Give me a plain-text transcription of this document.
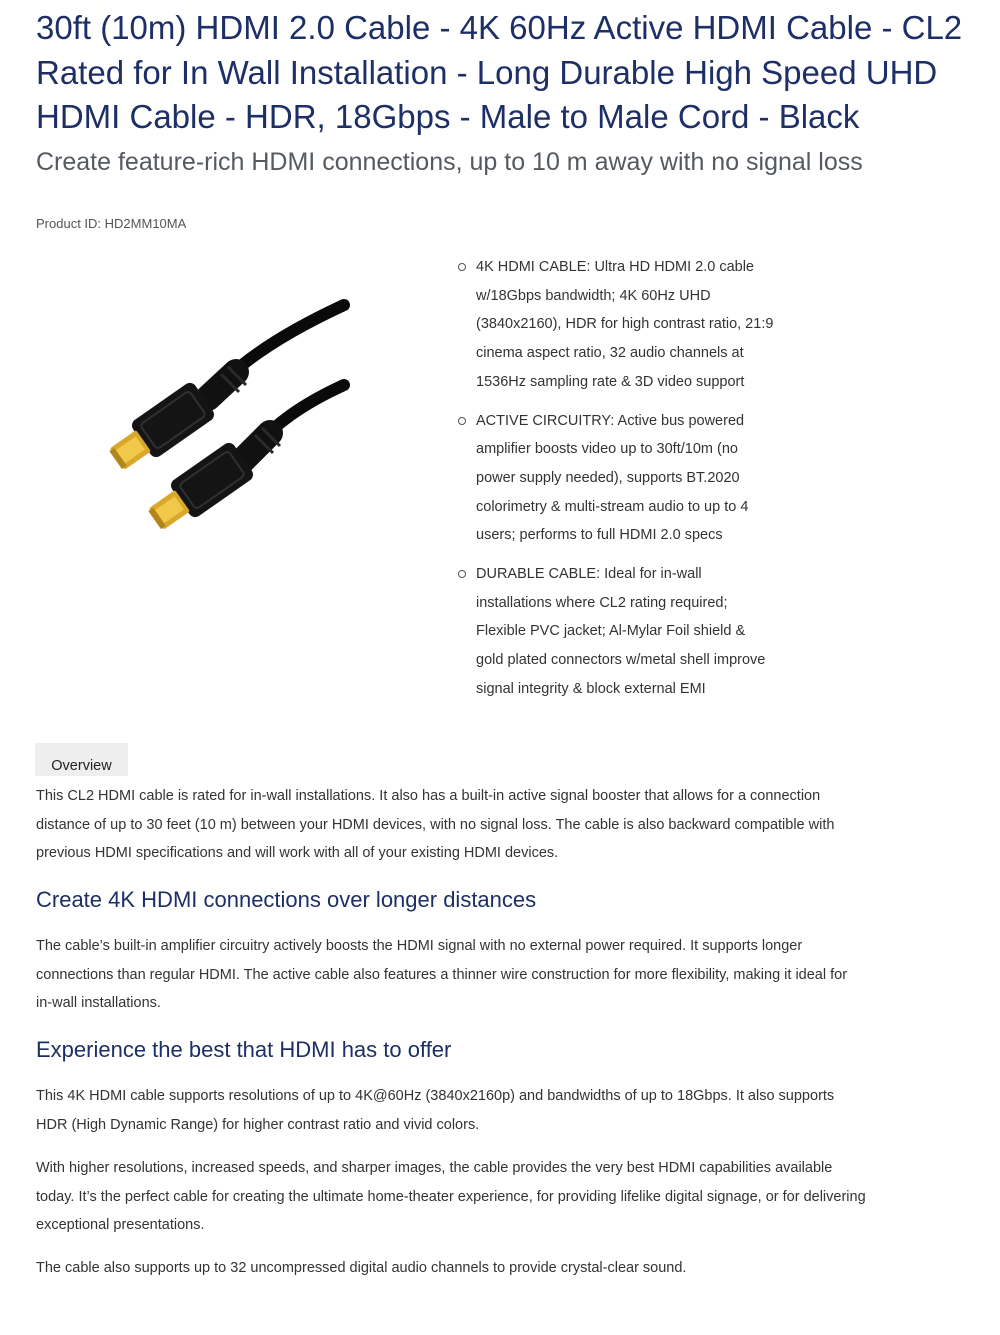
30ft (10m) HDMI 2.0 Cable - 4K 60Hz Active HDMI Cable - CL2 Rated for In Wall Installation - Long Durable High Speed UHD HDMI Cable - HDR, 18Gbps - Male to Male Cord - Black
Create feature-rich HDMI connections, up to 10 m away with no signal loss
Product ID: HD2MM10MA
4K HDMI CABLE: Ultra HD HDMI 2.0 cable w/18Gbps bandwidth; 4K 60Hz UHD (3840x2160), HDR for high contrast ratio, 21:9 cinema aspect ratio, 32 audio channels at 1536Hz sampling rate & 3D video support
ACTIVE CIRCUITRY: Active bus powered amplifier boosts video up to 30ft/10m (no power supply needed), supports BT.2020 colorimetry & multi-stream audio to up to 4 users; performs to full HDMI 2.0 specs
DURABLE CABLE: Ideal for in-wall installations where CL2 rating required; Flexible PVC jacket; Al-Mylar Foil shield & gold plated connectors w/metal shell improve signal integrity & block external EMI
Overview

This CL2 HDMI cable is rated for in-wall installations. It also has a built-in active signal booster that allows for a connection distance of up to 30 feet (10 m) between your HDMI devices, with no signal loss. The cable is also backward compatible with previous HDMI specifications and will work with all of your existing HDMI devices.

Create 4K HDMI connections over longer distances

The cable’s built-in amplifier circuitry actively boosts the HDMI signal with no external power required. It supports longer connections than regular HDMI. The active cable also features a thinner wire construction for more flexibility, making it ideal for in-wall installations.

Experience the best that HDMI has to offer

This 4K HDMI cable supports resolutions of up to 4K@60Hz (3840x2160p) and bandwidths of up to 18Gbps. It also supports HDR (High Dynamic Range) for higher contrast ratio and vivid colors.

With higher resolutions, increased speeds, and sharper images, the cable provides the very best HDMI capabilities available today. It’s the perfect cable for creating the ultimate home-theater experience, for providing lifelike digital signage, or for delivering exceptional presentations.

The cable also supports up to 32 uncompressed digital audio channels to provide crystal-clear sound.
